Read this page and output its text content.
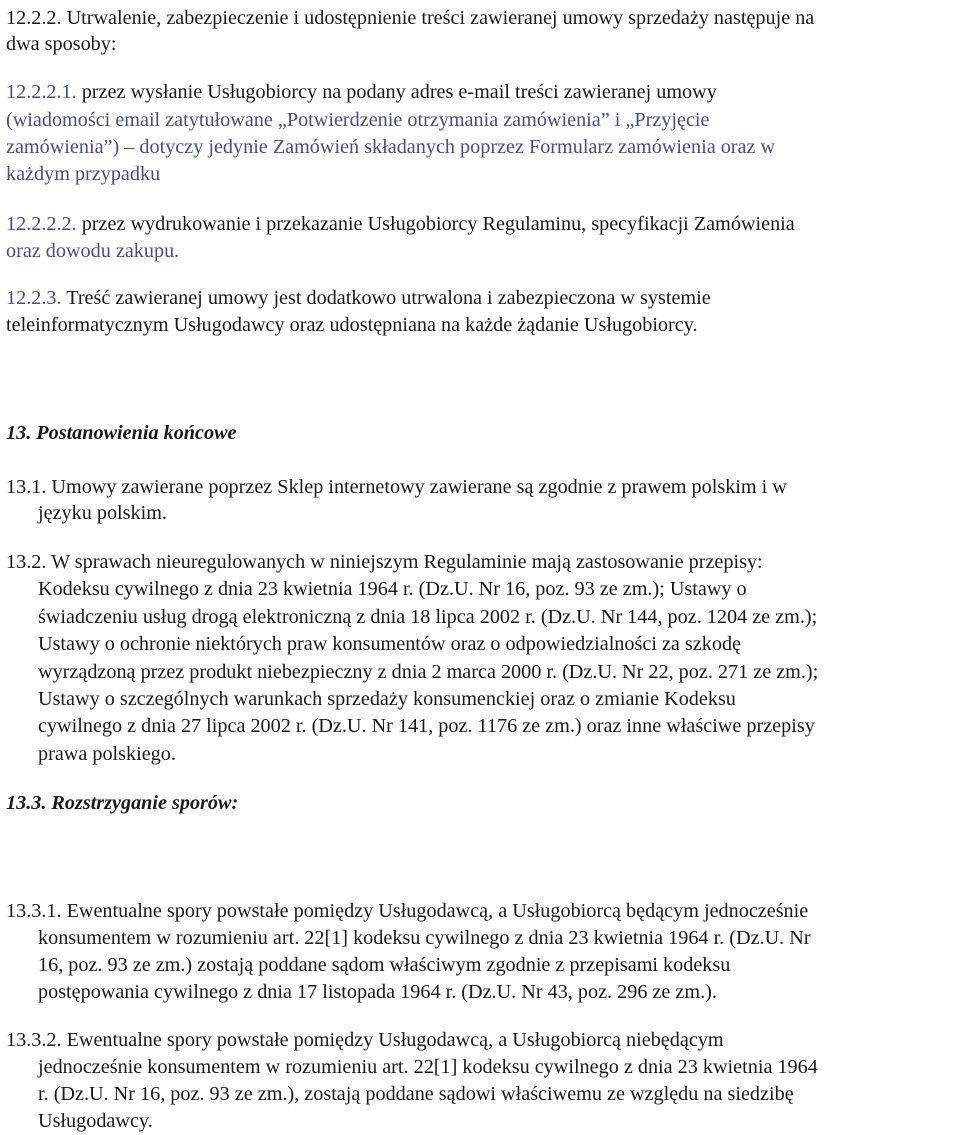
12.2.2. Utrwalenie, zabezpieczenie i udostępnienie treści zawieranej umowy sprzedaży następuje na
dwa sposoby:
12.2.2.1. przez wysłanie Usługobiorcy na podany adres e-mail treści zawieranej umowy
(wiadomości email zatytułowane „Potwierdzenie otrzymania zamówienia” i „Przyjęcie
zamówienia”) – dotyczy jedynie Zamówień składanych poprzez Formularz zamówienia oraz w
każdym przypadku
12.2.2.2. przez wydrukowanie i przekazanie Usługobiorcy Regulaminu, specyfikacji Zamówienia
oraz dowodu zakupu.
12.2.3. Treść zawieranej umowy jest dodatkowo utrwalona i zabezpieczona w systemie
teleinformatycznym Usługodawcy oraz udostępniana na każde żądanie Usługobiorcy.
13. Postanowienia końcowe
13.1. Umowy zawierane poprzez Sklep internetowy zawierane są zgodnie z prawem polskim i w
języku polskim.
13.2. W sprawach nieuregulowanych w niniejszym Regulaminie mają zastosowanie przepisy:
Kodeksu cywilnego z dnia 23 kwietnia 1964 r. (Dz.U. Nr 16, poz. 93 ze zm.); Ustawy o
świadczeniu usług drogą elektroniczną z dnia 18 lipca 2002 r. (Dz.U. Nr 144, poz. 1204 ze zm.);
Ustawy o ochronie niektórych praw konsumentów oraz o odpowiedzialności za szkodę
wyrządzoną przez produkt niebezpieczny z dnia 2 marca 2000 r. (Dz.U. Nr 22, poz. 271 ze zm.);
Ustawy o szczególnych warunkach sprzedaży konsumenckiej oraz o zmianie Kodeksu
cywilnego z dnia 27 lipca 2002 r. (Dz.U. Nr 141, poz. 1176 ze zm.) oraz inne właściwe przepisy
prawa polskiego.
13.3. Rozstrzyganie sporów:
13.3.1. Ewentualne spory powstałe pomiędzy Usługodawcą, a Usługobiorcą będącym jednocześnie
konsumentem w rozumieniu art. 22[1] kodeksu cywilnego z dnia 23 kwietnia 1964 r. (Dz.U. Nr
16, poz. 93 ze zm.) zostają poddane sądom właściwym zgodnie z przepisami kodeksu
postępowania cywilnego z dnia 17 listopada 1964 r. (Dz.U. Nr 43, poz. 296 ze zm.).
13.3.2. Ewentualne spory powstałe pomiędzy Usługodawcą, a Usługobiorcą niebędącym
jednocześnie konsumentem w rozumieniu art. 22[1] kodeksu cywilnego z dnia 23 kwietnia 1964
r. (Dz.U. Nr 16, poz. 93 ze zm.), zostają poddane sądowi właściwemu ze względu na siedzibę
Usługodawcy.
